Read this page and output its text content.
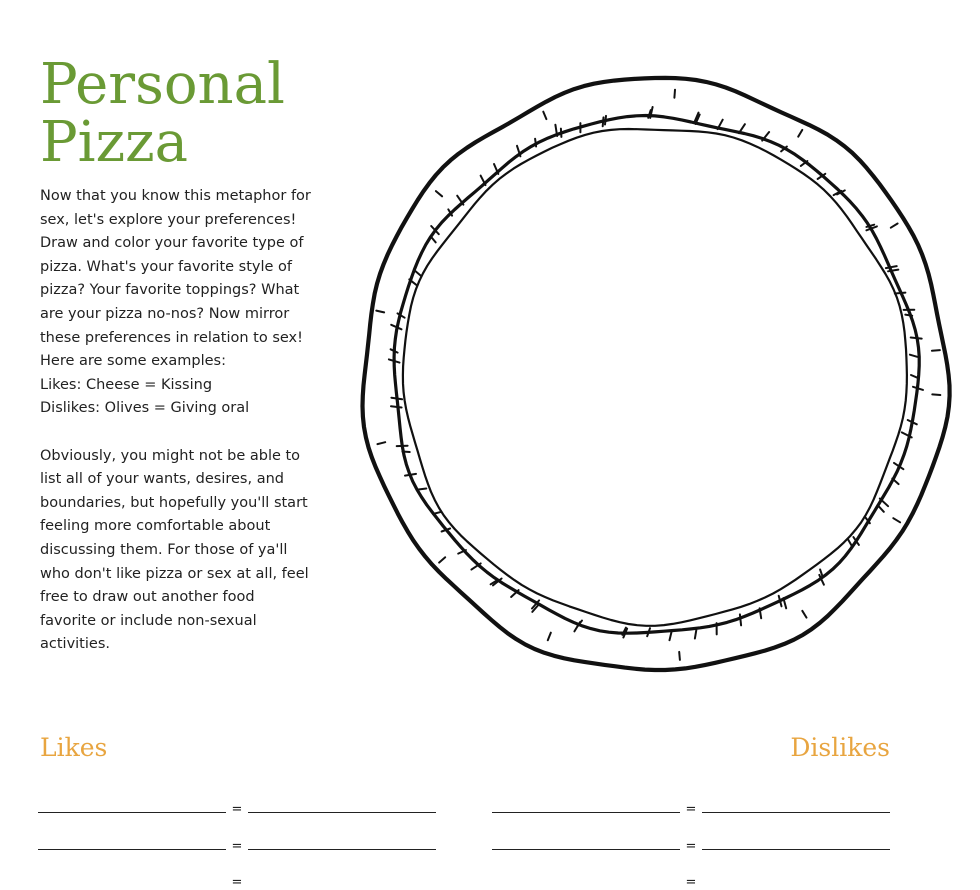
Personal
Pizza

Now that you know this metaphor for

sex, let's explore your preferences!

Draw and color your favorite type of

pizza. What's your favorite style of

pizza? Your favorite toppings? What

are your pizza no-nos? Now mirror

these preferences in relation to sex!

Here are some examples:

Likes: Cheese = Kissing

Dislikes: Olives = Giving oral

Obviously, you might not be able to

list all of your wants, desires, and

boundaries, but hopefully you'll start

feeling more comfortable about

discussing them. For those of ya'll

who don't like pizza or sex at all, feel

free to draw out another food

favorite or include non-sexual

activities.

Likes	Dislikes
=
=
=
=
=
=
